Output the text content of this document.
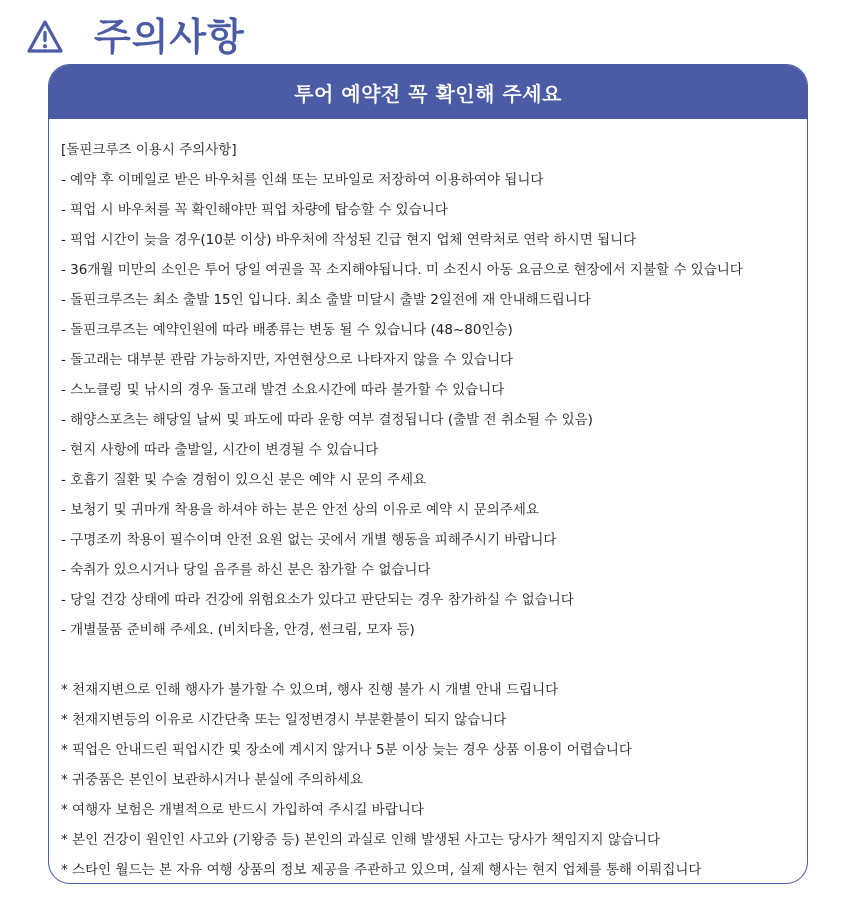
주의사항
투어 예약전 꼭 확인해 주세요
[돌핀크루즈 이용시 주의사항]
- 예약 후 이메일로 받은 바우처를 인쇄 또는 모바일로 저장하여 이용하여야 됩니다
- 픽업 시 바우처를 꼭 확인해야만 픽업 차량에 탑승할 수 있습니다
- 픽업 시간이 늦을 경우(10분 이상) 바우처에 작성된 긴급 현지 업체 연락처로 연락 하시면 됩니다
- 36개월 미만의 소인은 투어 당일 여권을 꼭 소지해야됩니다. 미 소진시 아동 요금으로 현장에서 지불할 수 있습니다
- 돌핀크루즈는 최소 출발 15인 입니다. 최소 출발 미달시 출발 2일전에 재 안내해드립니다
- 돌핀크루즈는 예약인원에 따라 배종류는 변동 될 수 있습니다 (48~80인승)
- 돌고래는 대부분 관람 가능하지만, 자연현상으로 나타자지 않을 수 있습니다
- 스노클링 및 낚시의 경우 돌고래 발견 소요시간에 따라 불가할 수 있습니다
- 해양스포츠는 해당일 날씨 및 파도에 따라 운항 여부 결정됩니다 (출발 전 취소될 수 있음)
- 현지 사항에 따라 출발일, 시간이 변경될 수 있습니다
- 호흡기 질환 및 수술 경험이 있으신 분은 예약 시 문의 주세요
- 보청기 및 귀마개 착용을 하셔야 하는 분은 안전 상의 이유로 예약 시 문의주세요
- 구명조끼 착용이 필수이며 안전 요원 없는 곳에서 개별 행동을 피해주시기 바랍니다
- 숙취가 있으시거나 당일 음주를 하신 분은 참가할 수 없습니다
- 당일 건강 상태에 따라 건강에 위험요소가 있다고 판단되는 경우 참가하실 수 없습니다
- 개별물품 준비해 주세요. (비치타올, 안경, 썬크림, 모자 등)
* 천재지변으로 인해 행사가 불가할 수 있으며, 행사 진행 불가 시 개별 안내 드립니다
* 천재지변등의 이유로 시간단축 또는 일정변경시 부분환불이 되지 않습니다
* 픽업은 안내드린 픽업시간 및 장소에 계시지 않거나 5분 이상 늦는 경우 상품 이용이 어렵습니다
* 귀중품은 본인이 보관하시거나 분실에 주의하세요
* 여행자 보험은 개별적으로 반드시 가입하여 주시길 바랍니다
* 본인 건강이 원인인 사고와 (기왕증 등) 본인의 과실로 인해 발생된 사고는 당사가 책임지지 않습니다
* 스타인 월드는 본 자유 여행 상품의 정보 제공을 주관하고 있으며, 실제 행사는 현지 업체를 통해 이뤄집니다
